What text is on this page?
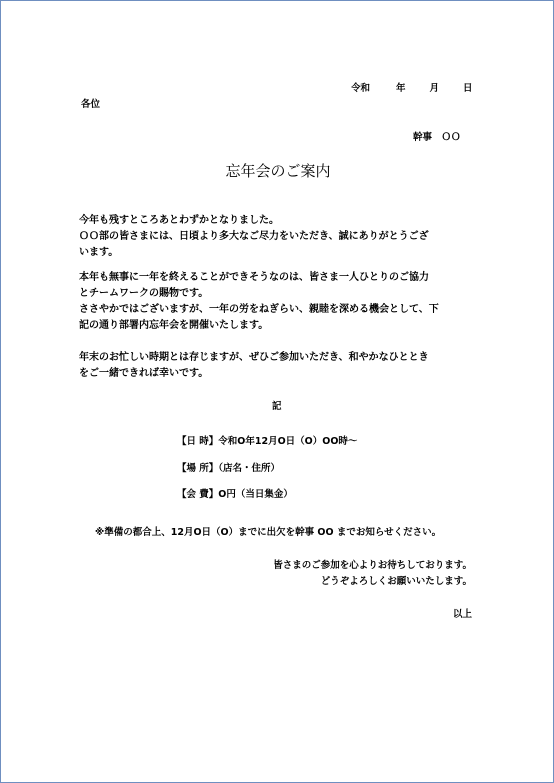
令和	年	月	日
各位
幹事　ＯＯ
忘年会のご案内
今年も残すところあとわずかとなりました。
ＯＯ部の皆さまには、日頃より多大なご尽力をいただき、誠にありがとうござ
います。
本年も無事に一年を終えることができそうなのは、皆さま一人ひとりのご協力
とチームワークの賜物です。
ささやかではございますが、一年の労をねぎらい、親睦を深める機会として、下
記の通り部署内忘年会を開催いたします。
年末のお忙しい時期とは存じますが、ぜひご参加いただき、和やかなひととき
をご一緒できれば幸いです。
記
【日 時】令和O年12月O日（O）OO時～
【場 所】（店名・住所）
【会 費】O円（当日集金）
※準備の都合上、12月O日（O）までに出欠を幹事 OO までお知らせください。
皆さまのご参加を心よりお待ちしております。
どうぞよろしくお願いいたします。
以上
